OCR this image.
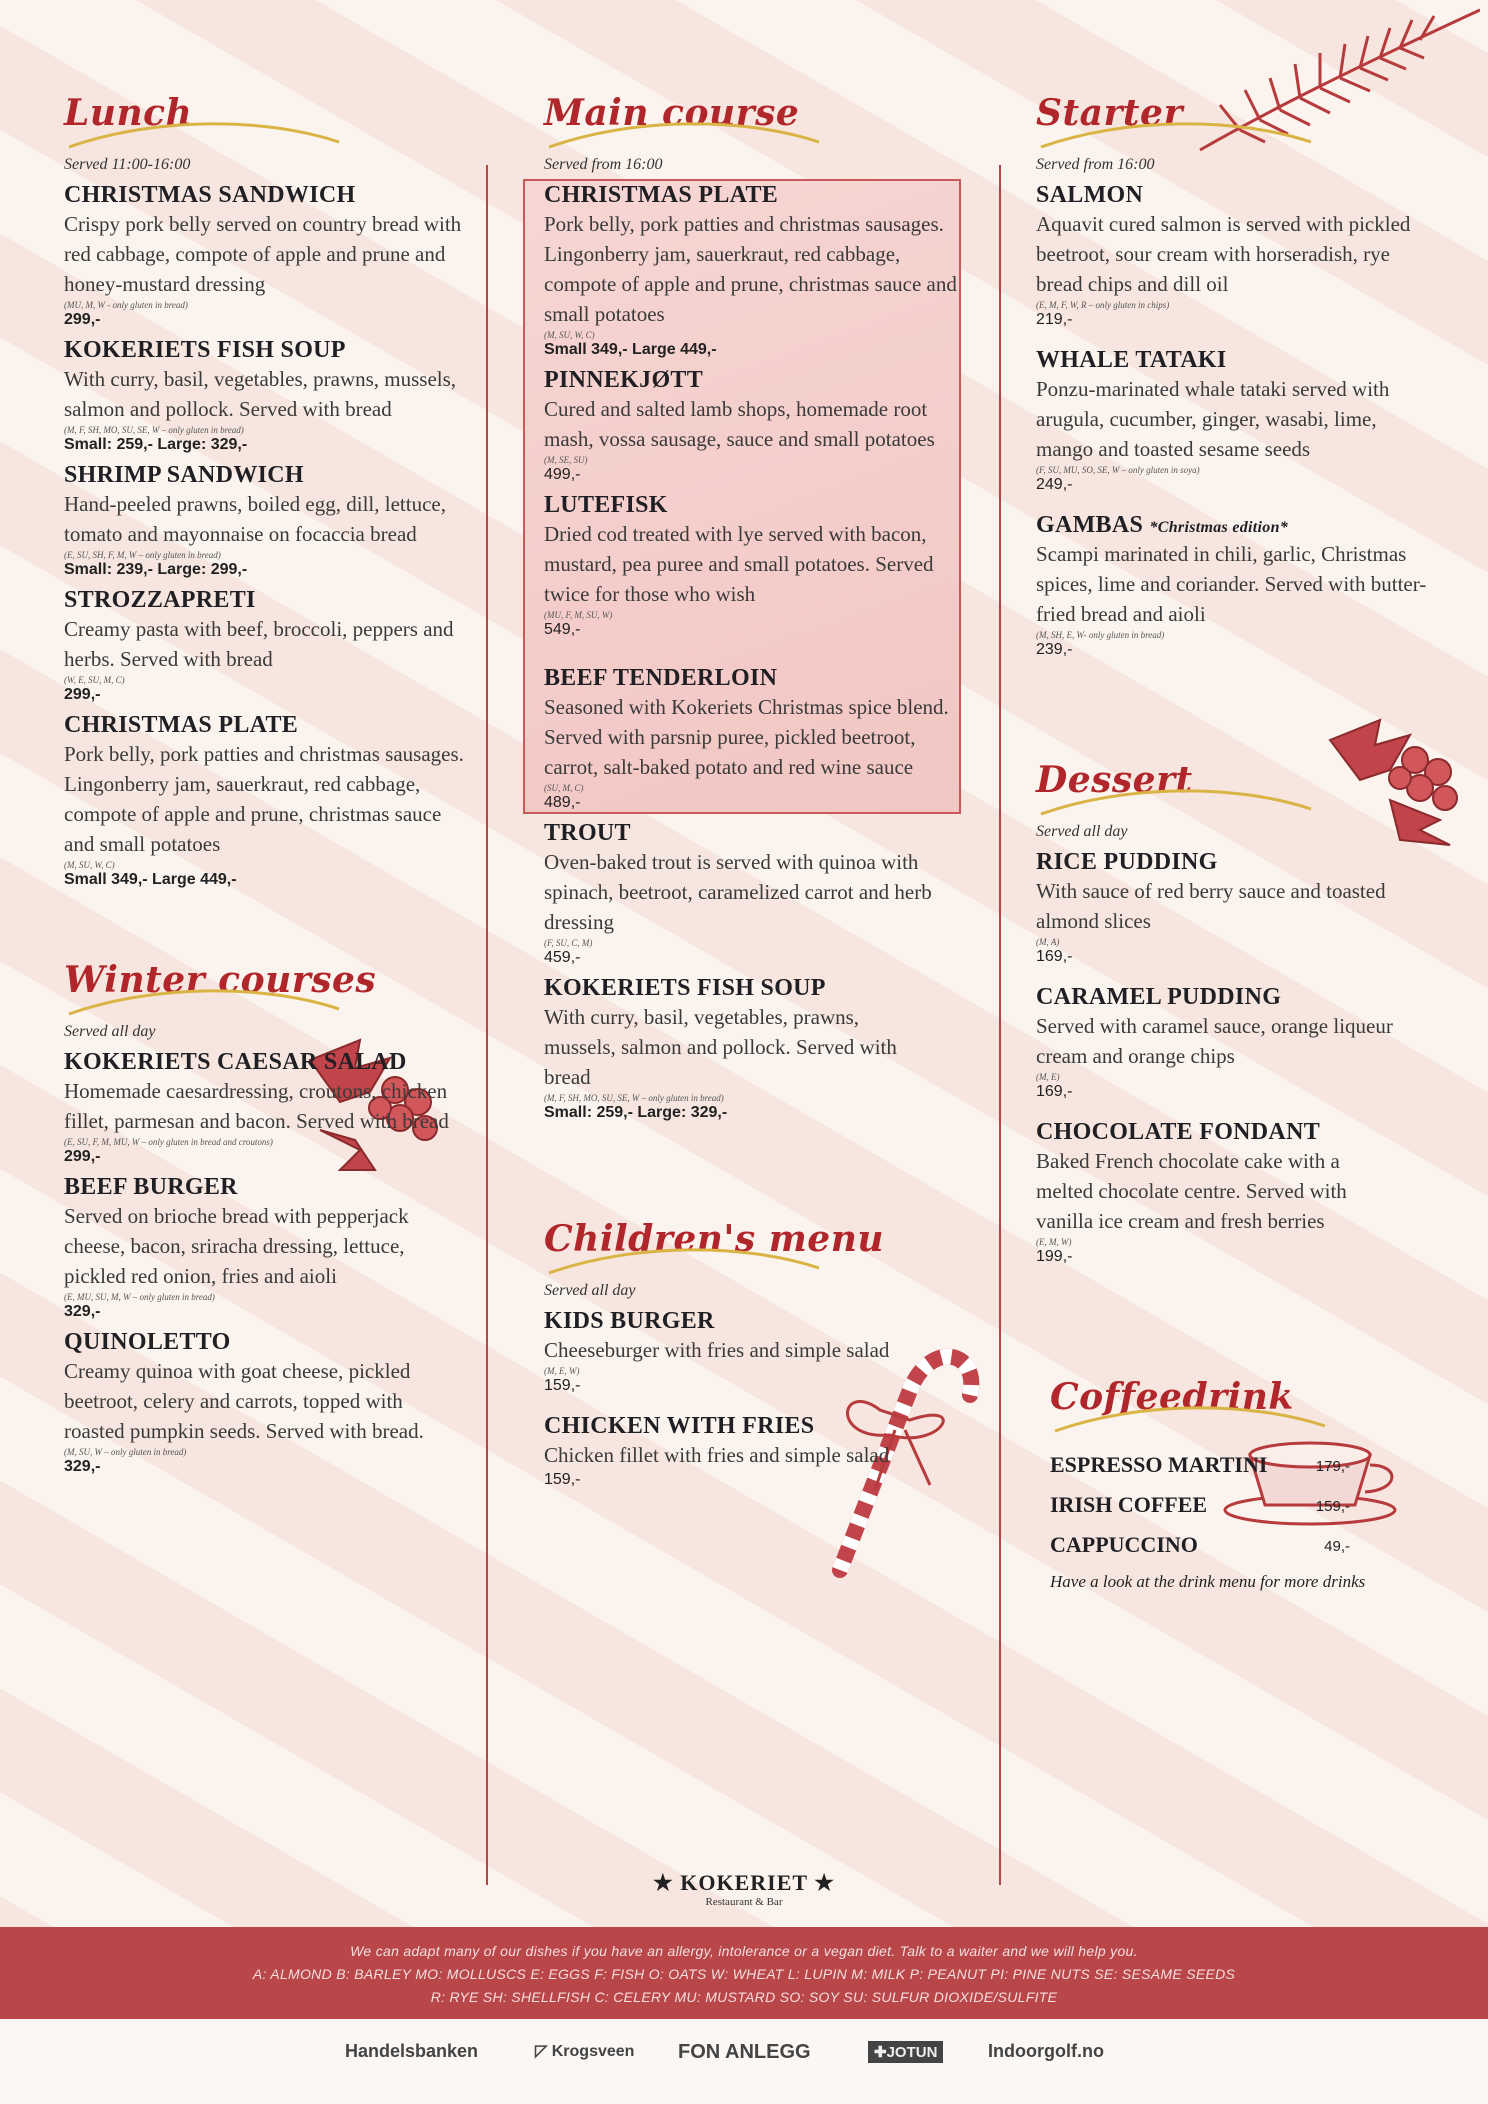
Lunch
Served 11:00-16:00
CHRISTMAS SANDWICH
Crispy pork belly served on country bread with red cabbage, compote of apple and prune and honey-mustard dressing
(MU, M, W - only gluten in bread)
299,-
KOKERIETS FISH SOUP
With curry, basil, vegetables, prawns, mussels, salmon and pollock. Served with bread
(M, F, SH, MO, SU, SE, W – only gluten in bread)
Small: 259,- Large: 329,-
SHRIMP SANDWICH
Hand-peeled prawns, boiled egg, dill, lettuce, tomato and mayonnaise on focaccia bread
(E, SU, SH, F, M, W – only gluten in bread)
Small: 239,- Large: 299,-
STROZZAPRETI
Creamy pasta with beef, broccoli, peppers and herbs. Served with bread
(W, E, SU, M, C)
299,-
CHRISTMAS PLATE
Pork belly, pork patties and christmas sausages. Lingonberry jam, sauerkraut, red cabbage, compote of apple and prune, christmas sauce and small potatoes
(M, SU, W, C)
Small 349,- Large 449,-
Winter courses
Served all day
KOKERIETS CAESAR SALAD
Homemade caesardressing, croutons, chicken fillet, parmesan and bacon. Served with bread
(E, SU, F, M, MU, W – only gluten in bread and croutons)
299,-
BEEF BURGER
Served on brioche bread with pepperjack cheese, bacon, sriracha dressing, lettuce, pickled red onion, fries and aioli
(E, MU, SU, M, W – only gluten in bread)
329,-
QUINOLETTO
Creamy quinoa with goat cheese, pickled beetroot, celery and carrots, topped with roasted pumpkin seeds. Served with bread.
(M, SU, W – only gluten in bread)
329,-
Main course
Served from 16:00
CHRISTMAS PLATE
Pork belly, pork patties and christmas sausages. Lingonberry jam, sauerkraut, red cabbage, compote of apple and prune, christmas sauce and small potatoes
(M, SU, W, C)
Small 349,- Large 449,-
PINNEKJØTT
Cured and salted lamb shops, homemade root mash, vossa sausage, sauce and small potatoes
(M, SE, SU)
499,-
LUTEFISK
Dried cod treated with lye served with bacon, mustard, pea puree and small potatoes. Served twice for those who wish
(MU, F, M, SU, W)
549,-
BEEF TENDERLOIN
Seasoned with Kokeriets Christmas spice blend. Served with parsnip puree, pickled beetroot, carrot, salt-baked potato and red wine sauce
(SU, M, C)
489,-
TROUT
Oven-baked trout is served with quinoa with spinach, beetroot, caramelized carrot and herb dressing
(F, SU, C, M)
459,-
KOKERIETS FISH SOUP
With curry, basil, vegetables, prawns, mussels, salmon and pollock. Served with bread
(M, F, SH, MO, SU, SE, W – only gluten in bread)
Small: 259,- Large: 329,-
Children's menu
Served all day
KIDS BURGER
Cheeseburger with fries and simple salad
(M, E, W)
159,-
CHICKEN WITH FRIES
Chicken fillet with fries and simple salad
159,-
Starter
Served from 16:00
SALMON
Aquavit cured salmon is served with pickled beetroot, sour cream with horseradish, rye bread chips and dill oil
(E, M, F, W, R – only gluten in chips)
219,-
WHALE TATAKI
Ponzu-marinated whale tataki served with arugula, cucumber, ginger, wasabi, lime, mango and toasted sesame seeds
(F, SU, MU, SO, SE, W – only gluten in soya)
249,-
GAMBAS *Christmas edition*
Scampi marinated in chili, garlic, Christmas spices, lime and coriander. Served with butter-fried bread and aioli
(M, SH, E, W- only gluten in bread)
239,-
Dessert
Served all day
RICE PUDDING
With sauce of red berry sauce and toasted almond slices
(M, A)
169,-
CARAMEL PUDDING
Served with caramel sauce, orange liqueur cream and orange chips
(M, E)
169,-
CHOCOLATE FONDANT
Baked French chocolate cake with a melted chocolate centre. Served with vanilla ice cream and fresh berries
(E, M, W)
199,-
Coffeedrink
ESPRESSO MARTINI	179,-
IRISH COFFEE	159,-
CAPPUCCINO	49,-
Have a look at the drink menu for more drinks
★ KOKERIET ★
Restaurant & Bar
We can adapt many of our dishes if you have an allergy, intolerance or a vegan diet. Talk to a waiter and we will help you.
A: ALMOND B: BARLEY MO: MOLLUSCS E: EGGS F: FISH O: OATS W: WHEAT L: LUPIN M: MILK P: PEANUT PI: PINE NUTS SE: SESAME SEEDS
R: RYE SH: SHELLFISH C: CELERY MU: MUSTARD SO: SOY SU: SULFUR DIOXIDE/SULFITE
Handelsbanken	◸ Krogsveen FON ANLEGG	✚JOTUN	Indoorgolf.no
